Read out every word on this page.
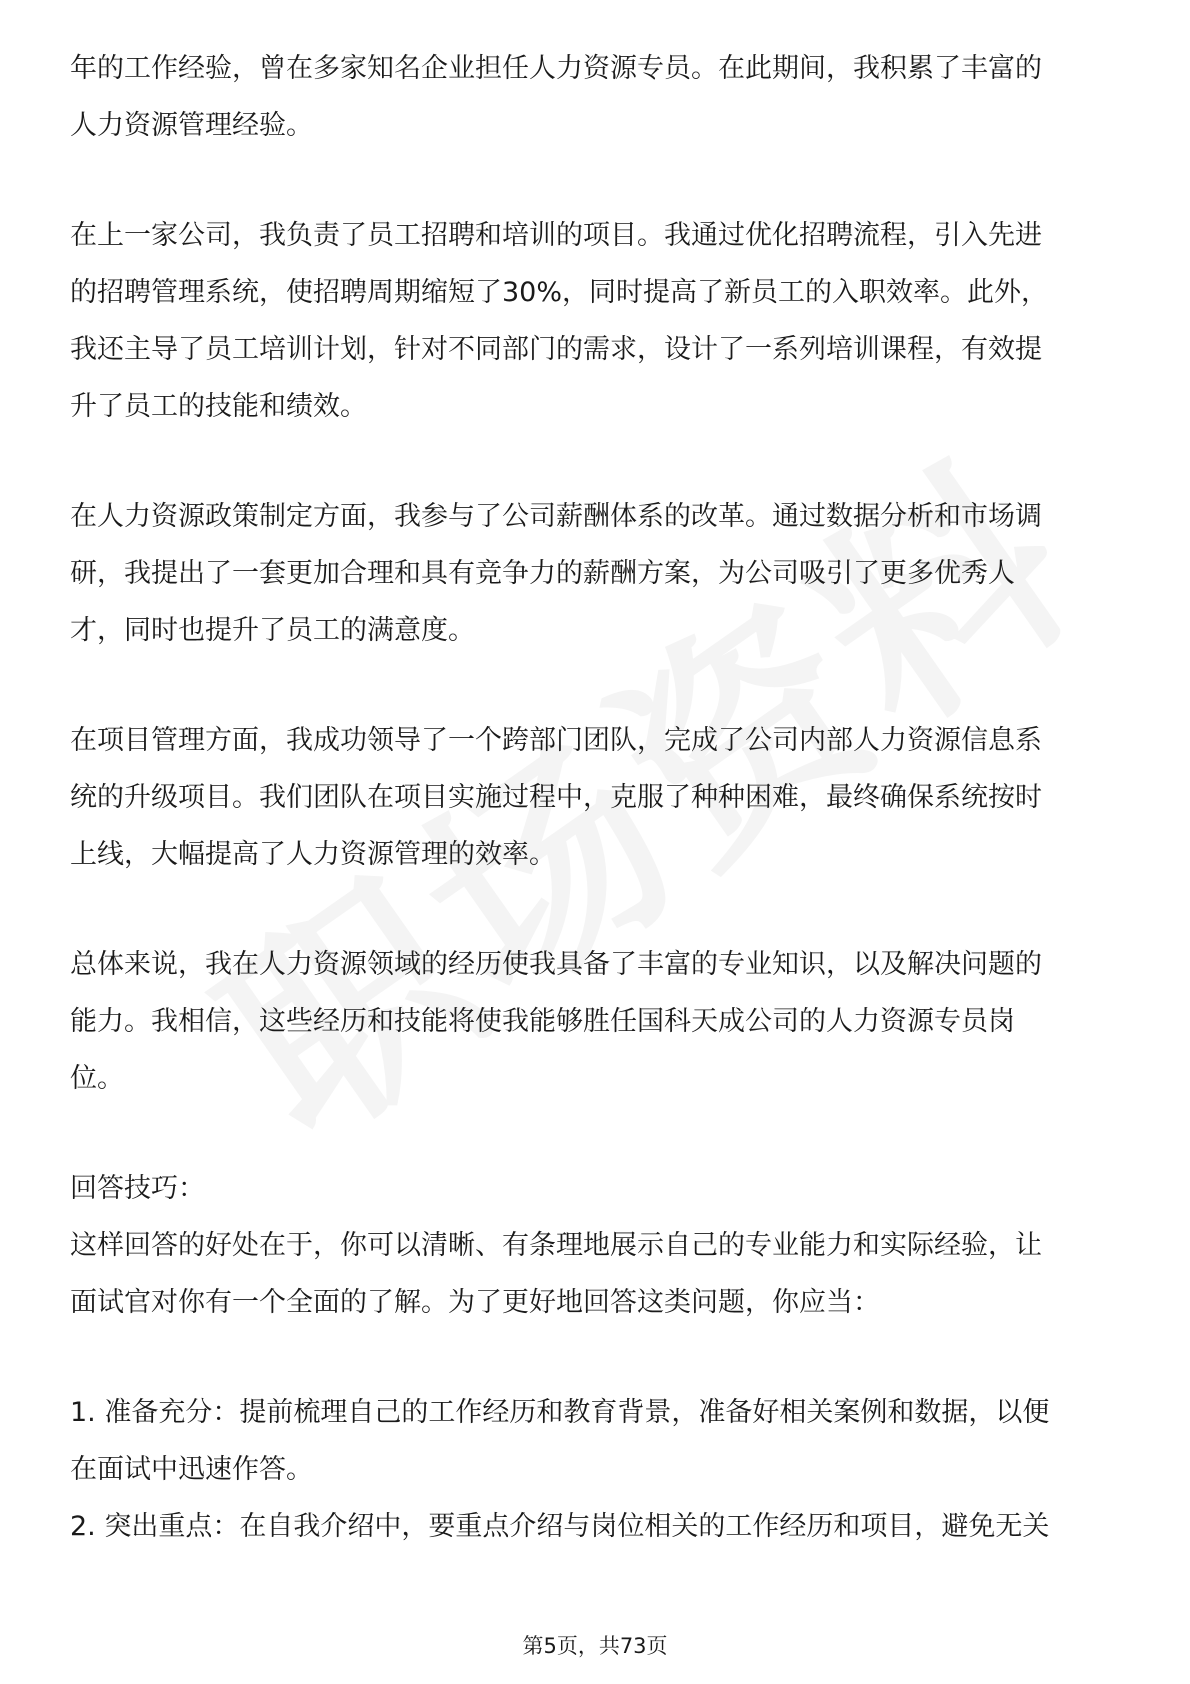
年的工作经验，曾在多家知名企业担任人力资源专员。在此期间，我积累了丰富的
人力资源管理经验。
在上一家公司，我负责了员工招聘和培训的项目。我通过优化招聘流程，引入先进
的招聘管理系统，使招聘周期缩短了30%，同时提高了新员工的入职效率。此外，
我还主导了员工培训计划，针对不同部门的需求，设计了一系列培训课程，有效提
升了员工的技能和绩效。
在人力资源政策制定方面，我参与了公司薪酬体系的改革。通过数据分析和市场调
研，我提出了一套更加合理和具有竞争力的薪酬方案，为公司吸引了更多优秀人
才，同时也提升了员工的满意度。
在项目管理方面，我成功领导了一个跨部门团队，完成了公司内部人力资源信息系
统的升级项目。我们团队在项目实施过程中，克服了种种困难，最终确保系统按时
上线，大幅提高了人力资源管理的效率。
总体来说，我在人力资源领域的经历使我具备了丰富的专业知识，以及解决问题的
能力。我相信，这些经历和技能将使我能够胜任国科天成公司的人力资源专员岗
位。
回答技巧：
这样回答的好处在于，你可以清晰、有条理地展示自己的专业能力和实际经验，让
面试官对你有一个全面的了解。为了更好地回答这类问题，你应当：
1. 准备充分：提前梳理自己的工作经历和教育背景，准备好相关案例和数据，以便
在面试中迅速作答。
2. 突出重点：在自我介绍中，要重点介绍与岗位相关的工作经历和项目，避免无关
第5页，共73页
